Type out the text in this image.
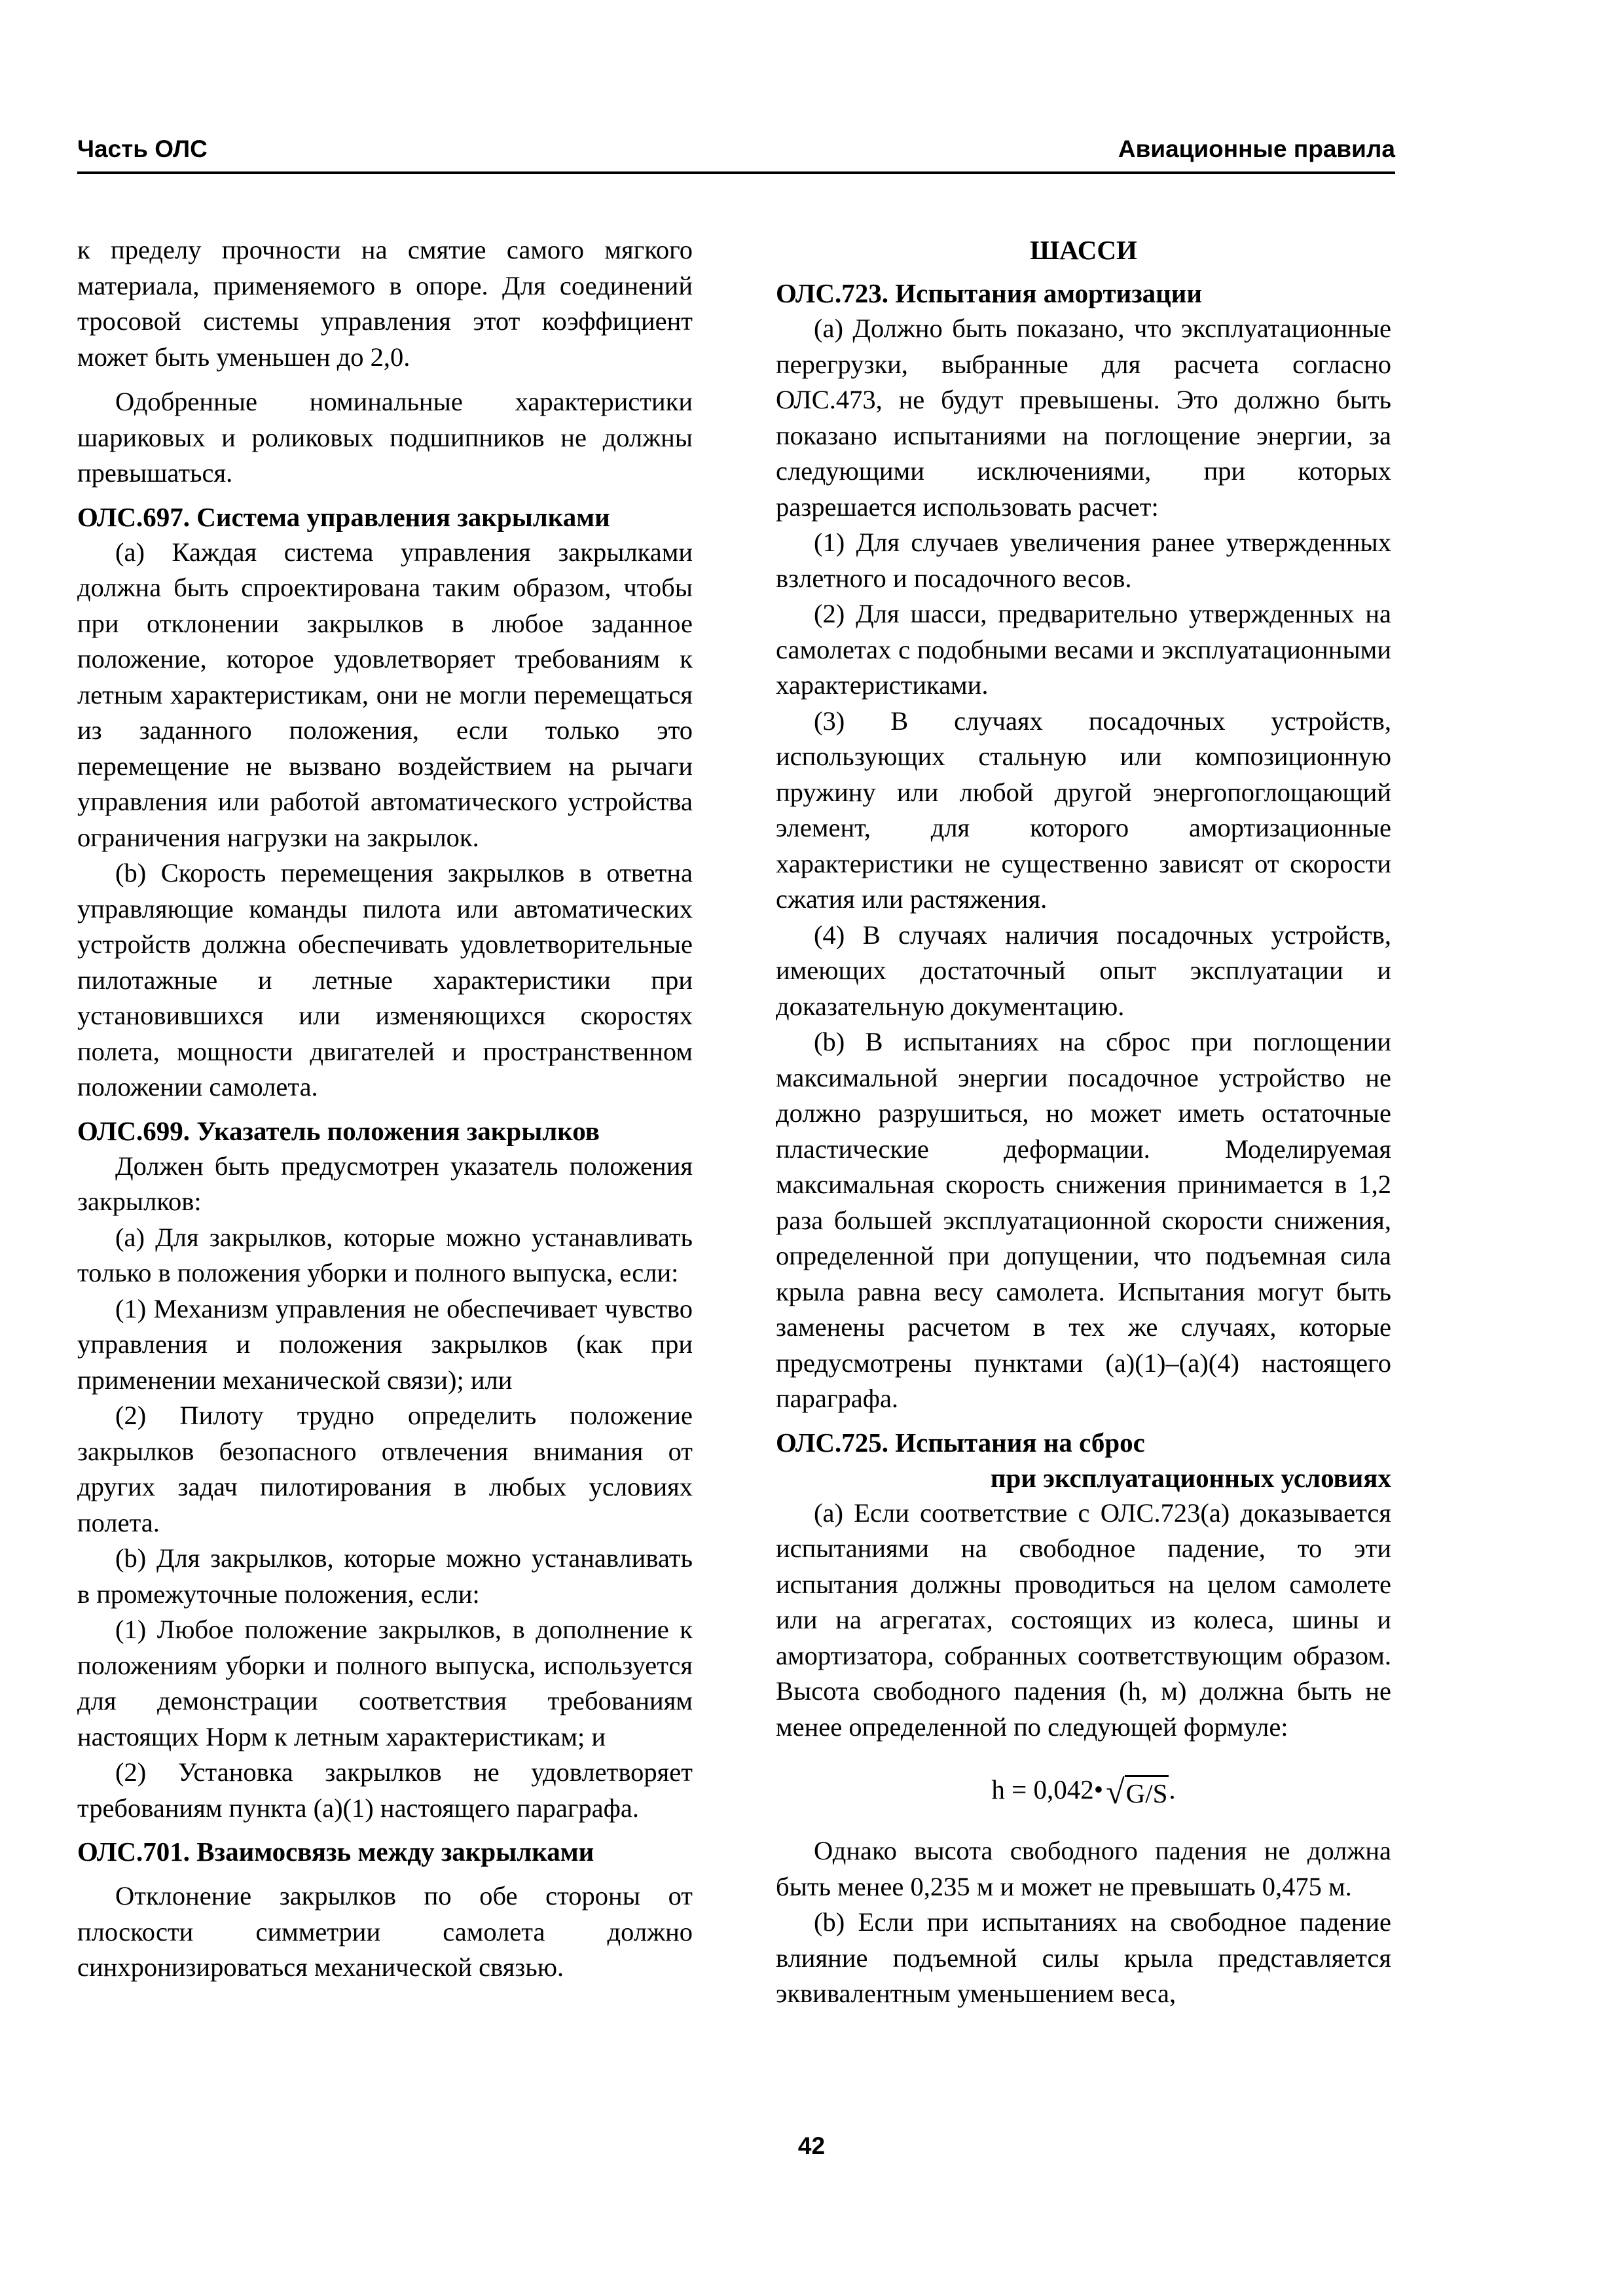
Часть ОЛС	Авиационные правила

к пределу прочности на смятие самого мягкого материала, применяемого в опоре. Для соединений тросовой системы управления этот коэффициент может быть уменьшен до 2,0.

Одобренные номинальные характеристики шариковых и роликовых подшипников не должны превышаться.

ОЛС.697. Система управления закрылками

(a) Каждая система управления закрылками должна быть спроектирована таким образом, чтобы при отклонении закрылков в любое заданное положение, которое удовлетворяет требованиям к летным характеристикам, они не могли перемещаться из заданного положения, если только это перемещение не вызвано воздействием на рычаги управления или работой автоматического устройства ограничения нагрузки на закрылок.

(b) Скорость перемещения закрылков в ответна управляющие команды пилота или автоматических устройств должна обеспечивать удовлетворительные пилотажные и летные характеристики при установившихся или изменяющихся скоростях полета, мощности двигателей и пространственном положении самолета.

ОЛС.699. Указатель положения закрылков

Должен быть предусмотрен указатель положения закрылков:

(a) Для закрылков, которые можно устанавливать только в положения уборки и полного выпуска, если:

(1) Механизм управления не обеспечивает чувство управления и положения закрылков (как при применении механической связи); или

(2) Пилоту трудно определить положение закрылков безопасного отвлечения внимания от других задач пилотирования в любых условиях полета.

(b) Для закрылков, которые можно устанавливать в промежуточные положения, если:

(1) Любое положение закрылков, в дополнение к положениям уборки и полного выпуска, используется для демонстрации соответствия требованиям настоящих Норм к летным характеристикам; и

(2) Установка закрылков не удовлетворяет требованиям пункта (a)(1) настоящего параграфа.

ОЛС.701. Взаимосвязь между закрылками

Отклонение закрылков по обе стороны от плоскости симметрии самолета должно синхронизироваться механической связью.

ШАССИ
ОЛС.723. Испытания амортизации

(a) Должно быть показано, что эксплуатационные перегрузки, выбранные для расчета согласно ОЛС.473, не будут превышены. Это должно быть показано испытаниями на поглощение энергии, за следующими исключениями, при которых разрешается использовать расчет:

(1) Для случаев увеличения ранее утвержденных взлетного и посадочного весов.

(2) Для шасси, предварительно утвержденных на самолетах с подобными весами и эксплуатационными характеристиками.

(3) В случаях посадочных устройств, использующих стальную или композиционную пружину или любой другой энергопоглощающий элемент, для которого амортизационные характеристики не существенно зависят от скорости сжатия или растяжения.

(4) В случаях наличия посадочных устройств, имеющих достаточный опыт эксплуатации и доказательную документацию.

(b) В испытаниях на сброс при поглощении максимальной энергии посадочное устройство не должно разрушиться, но может иметь остаточные пластические деформации. Моделируемая максимальная скорость снижения принимается в 1,2 раза большей эксплуатационной скорости снижения, определенной при допущении, что подъемная сила крыла равна весу самолета. Испытания могут быть заменены расчетом в тех же случаях, которые предусмотрены пунктами (a)(1)–(a)(4) настоящего параграфа.

ОЛС.725. Испытания на сброс
при эксплуатационных условиях

(a) Если соответствие с ОЛС.723(a) доказывается испытаниями на свободное падение, то эти испытания должны проводиться на целом самолете или на агрегатах, состоящих из колеса, шины и амортизатора, собранных соответствующим образом. Высота свободного падения (h, м) должна быть не менее определенной по следующей формуле:

h = 0,042•√G/S.

Однако высота свободного падения не должна быть менее 0,235 м и может не превышать 0,475 м.

(b) Если при испытаниях на свободное падение влияние подъемной силы крыла представляется эквивалентным уменьшением веса,

42
